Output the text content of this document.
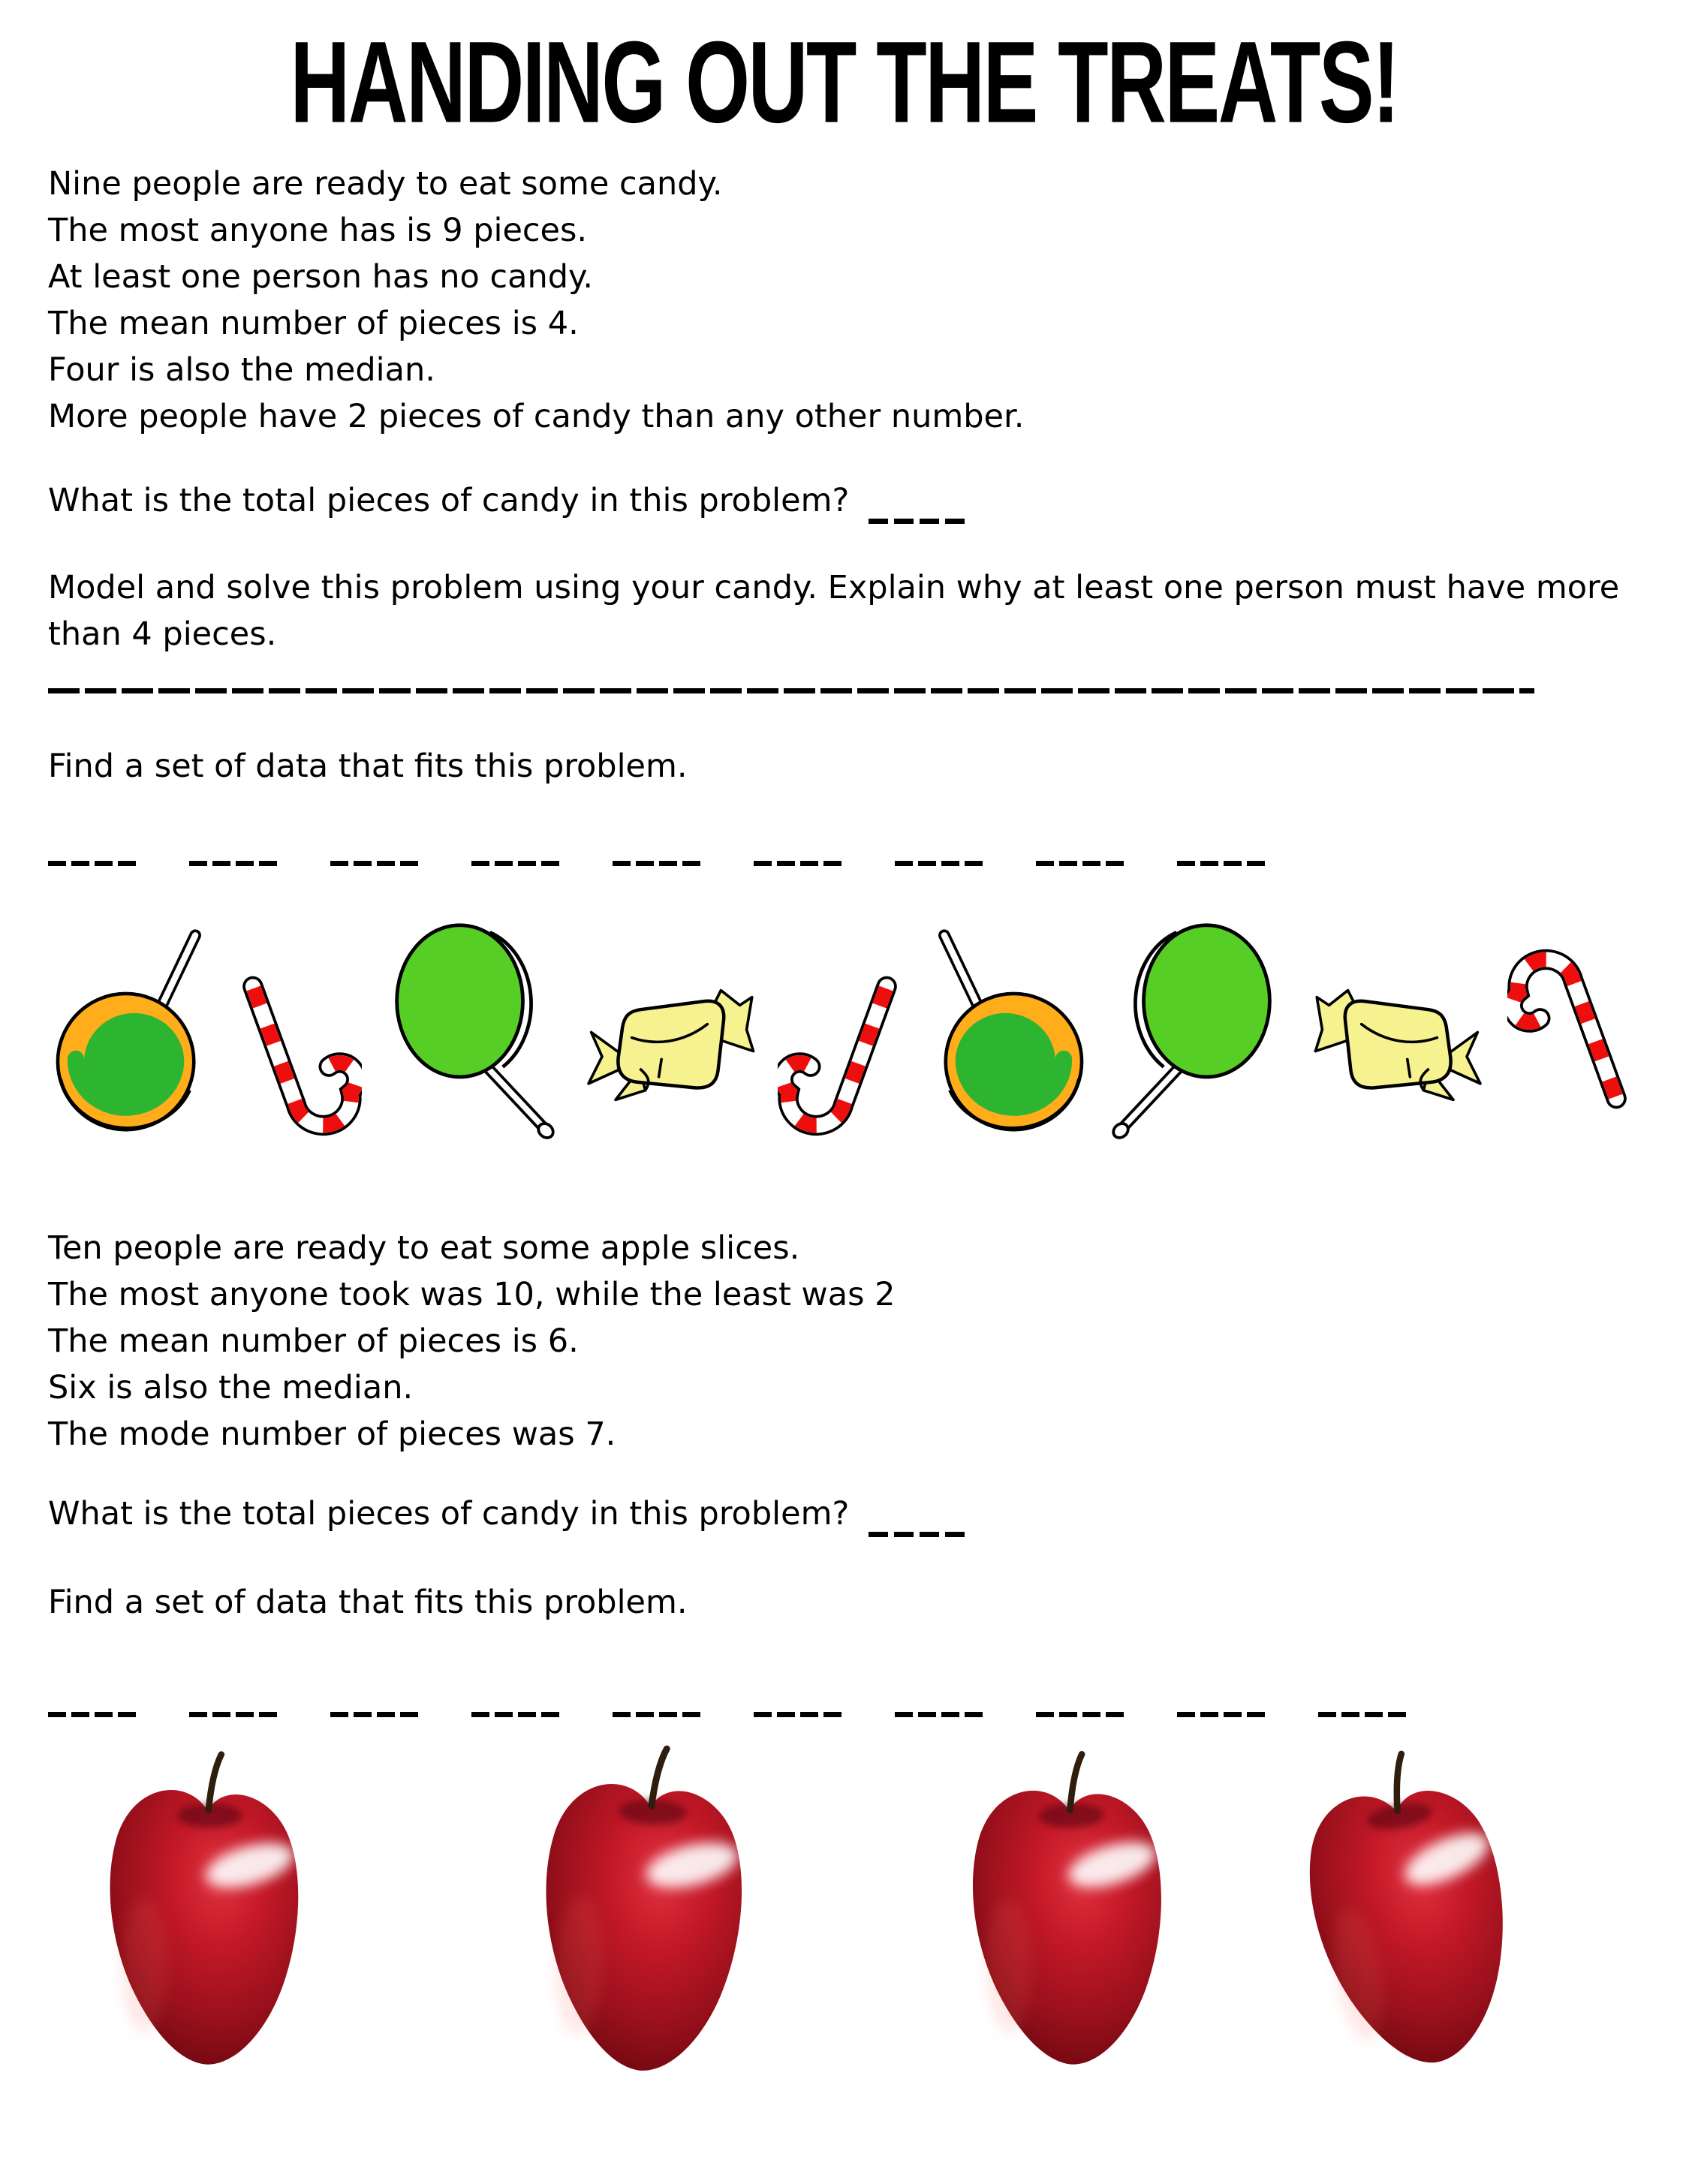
HANDING OUT THE TREATS!
Nine people are ready to eat some candy.
The most anyone has is 9 pieces.
At least one person has no candy.
The mean number of pieces is 4.
Four is also the median.
More people have 2 pieces of candy than any other number.
What is the total pieces of candy in this problem?
Model and solve this problem using your candy. Explain why at least one person must have more
than 4 pieces.
Find a set of data that fits this problem.
Ten people are ready to eat some apple slices.
The most anyone took was 10, while the least was 2
The mean number of pieces is 6.
Six is also the median.
The mode number of pieces was 7.
What is the total pieces of candy in this problem?
Find a set of data that fits this problem.
